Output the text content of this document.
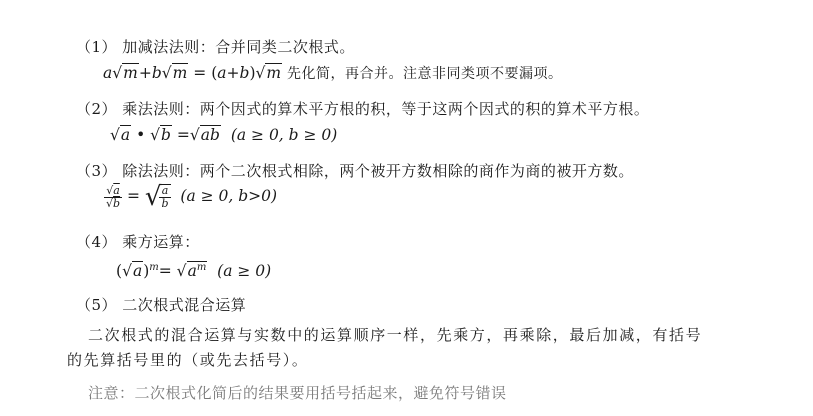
（1） 加减法法则：合并同类二次根式。
a√m+b√m = (a+b)√m 先化简，再合并。注意非同类项不要漏项。
（2） 乘法法则：两个因式的算术平方根的积，等于这两个因式的积的算术平方根。
√a • √b =√ab (a ≥ 0, b ≥ 0)
（3） 除法法则：两个二次根式相除，两个被开方数相除的商作为商的被开方数。
$\frac{√a}{√b}$ = √
$\frac{a}{b} (a \ge 0$, b>0)
（4） 乘方运算：
$(√a)^m= √a^m$ (a ≥ 0)
（5） 二次根式混合运算
二次根式的混合运算与实数中的运算顺序一样，先乘方，再乘除，最后加减，有括号
的先算括号里的（或先去括号）。
注意：二次根式化简后的结果要用括号括起来，避免符号错误
